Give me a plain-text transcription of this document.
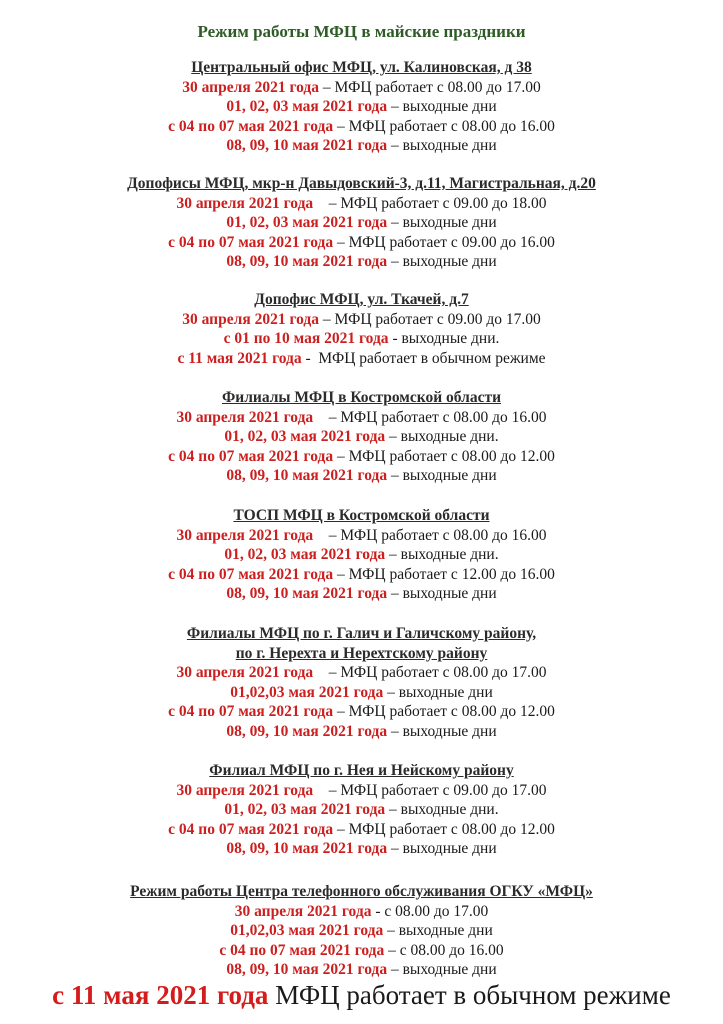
Режим работы МФЦ в майские праздники
Центральный офис МФЦ, ул. Калиновская, д 38
30 апреля 2021 года – МФЦ работает с 08.00 до 17.00
01, 02, 03 мая 2021 года – выходные дни
с 04 по 07 мая 2021 года – МФЦ работает с 08.00 до 16.00
08, 09, 10 мая 2021 года – выходные дни
Допофисы МФЦ, мкр-н Давыдовский-3, д.11, Магистральная, д.20
30 апреля 2021 года    – МФЦ работает с 09.00 до 18.00
01, 02, 03 мая 2021 года – выходные дни
с 04 по 07 мая 2021 года – МФЦ работает с 09.00 до 16.00
08, 09, 10 мая 2021 года – выходные дни
Допофис МФЦ, ул. Ткачей, д.7
30 апреля 2021 года – МФЦ работает с 09.00 до 17.00
с 01 по 10 мая 2021 года - выходные дни.
с 11 мая 2021 года -  МФЦ работает в обычном режиме
Филиалы МФЦ в Костромской области
30 апреля 2021 года    – МФЦ работает с 08.00 до 16.00
01, 02, 03 мая 2021 года – выходные дни.
с 04 по 07 мая 2021 года – МФЦ работает с 08.00 до 12.00
08, 09, 10 мая 2021 года – выходные дни
ТОСП МФЦ в Костромской области
30 апреля 2021 года    – МФЦ работает с 08.00 до 16.00
01, 02, 03 мая 2021 года – выходные дни.
с 04 по 07 мая 2021 года – МФЦ работает с 12.00 до 16.00
08, 09, 10 мая 2021 года – выходные дни
Филиалы МФЦ по г. Галич и Галичскому району,
по г. Нерехта и Нерехтскому району
30 апреля 2021 года    – МФЦ работает с 08.00 до 17.00
01,02,03 мая 2021 года – выходные дни
с 04 по 07 мая 2021 года – МФЦ работает с 08.00 до 12.00
08, 09, 10 мая 2021 года – выходные дни
Филиал МФЦ по г. Нея и Нейскому району
30 апреля 2021 года    – МФЦ работает с 09.00 до 17.00
01, 02, 03 мая 2021 года – выходные дни.
с 04 по 07 мая 2021 года – МФЦ работает с 08.00 до 12.00
08, 09, 10 мая 2021 года – выходные дни
Режим работы Центра телефонного обслуживания ОГКУ «МФЦ»
30 апреля 2021 года - с 08.00 до 17.00
01,02,03 мая 2021 года – выходные дни
с 04 по 07 мая 2021 года – с 08.00 до 16.00
08, 09, 10 мая 2021 года – выходные дни
с 11 мая 2021 года МФЦ работает в обычном режиме
